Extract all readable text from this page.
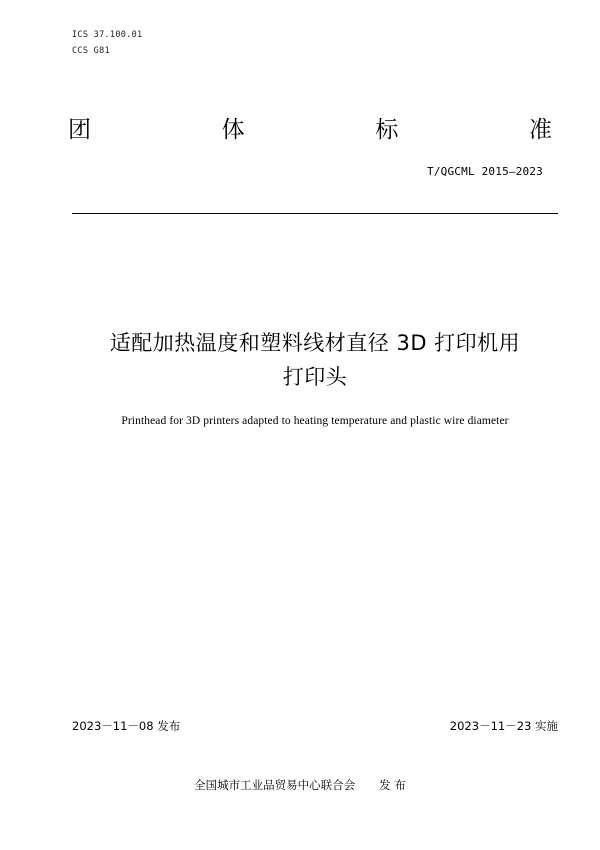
ICS 37.100.01
CCS G81
团	体	标	准
T/QGCML 2015—2023
适配加热温度和塑料线材直径 3D 打印机用
打印头
Printhead for 3D printers adapted to heating temperature and plastic wire diameter
2023－11－08 发布	2023－11－23 实施
全国城市工业品贸易中心联合会 发 布
